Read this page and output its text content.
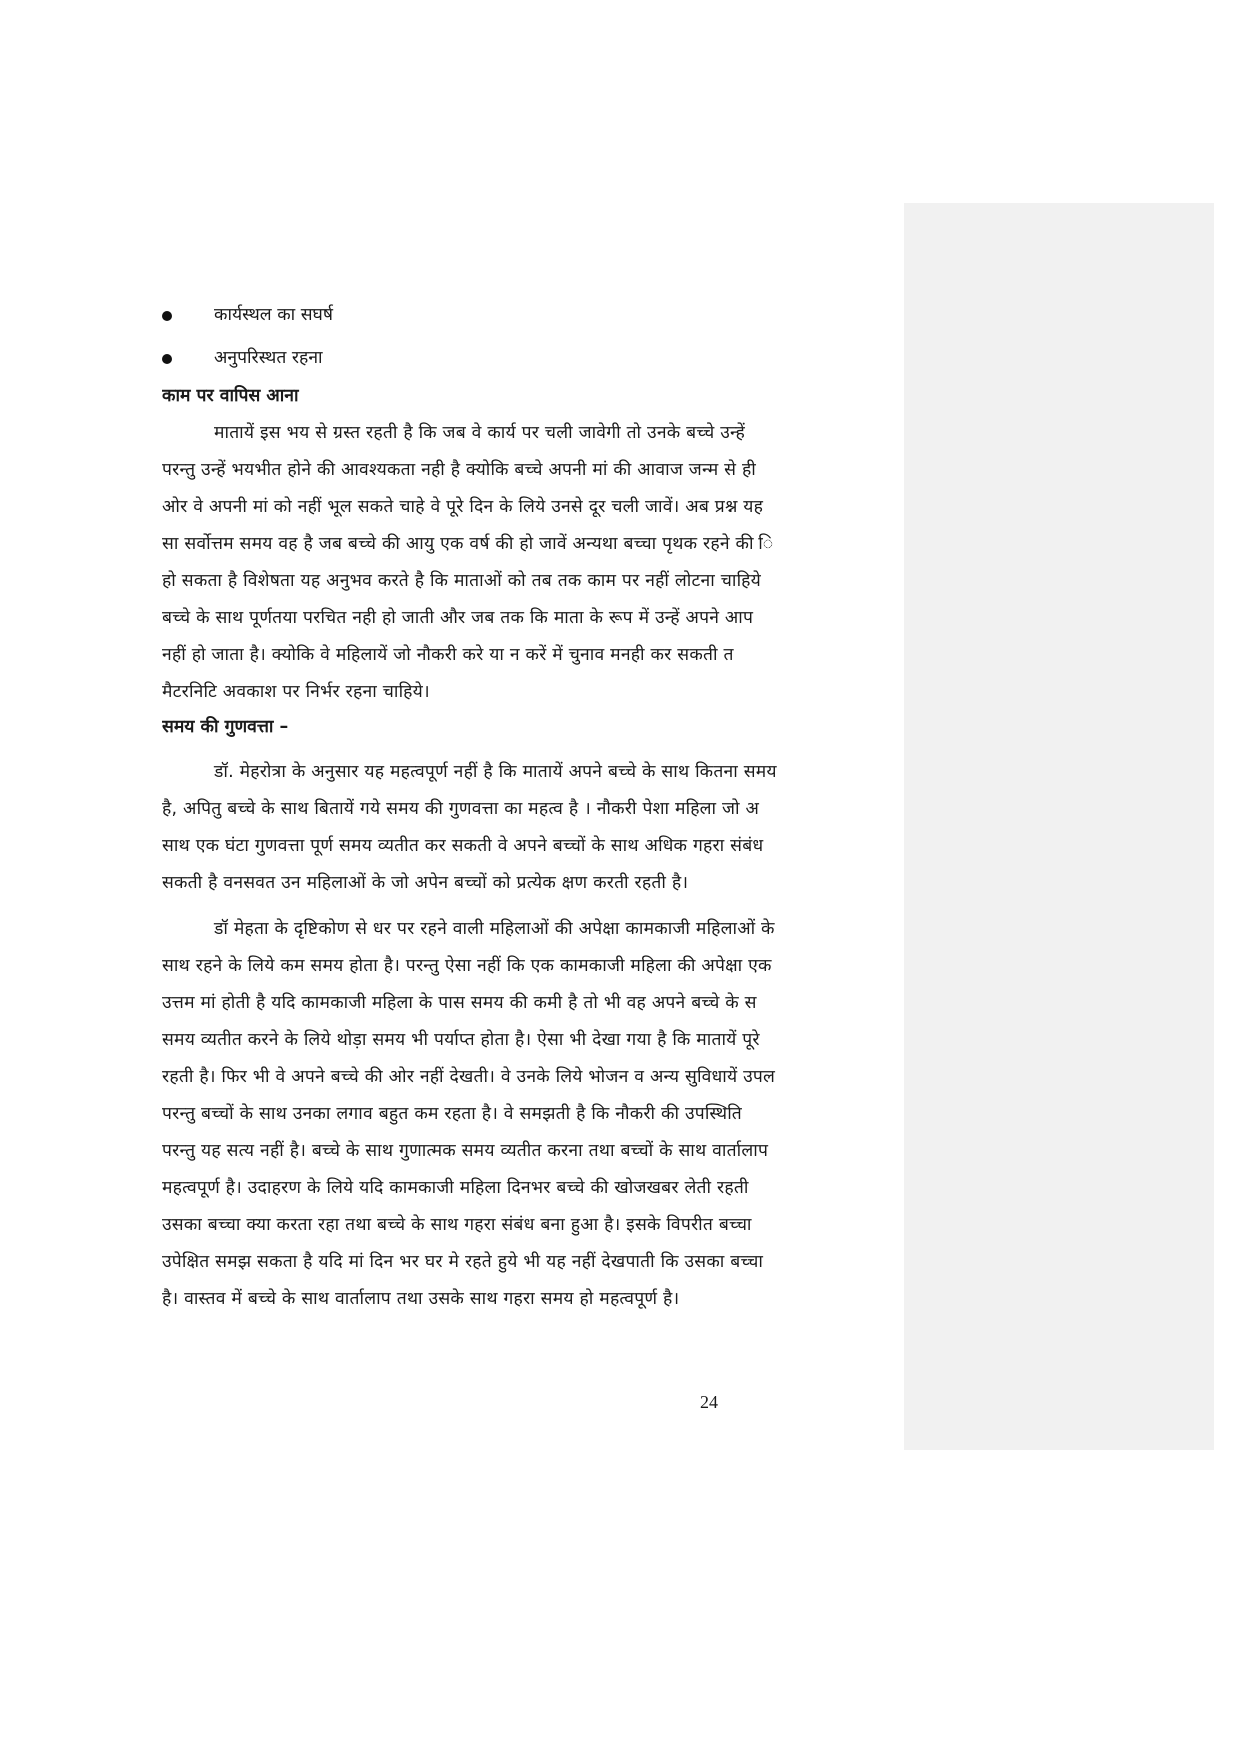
कार्यस्थल का सघर्ष
अनुपरिस्थत रहना
काम पर वापिस आना
मातायें इस भय से ग्रस्त रहती है कि जब वे कार्य पर चली जावेगी तो उनके बच्चे उन्हें
परन्तु उन्हें भयभीत होने की आवश्यकता नही है क्योकि बच्चे अपनी मां की आवाज जन्म से ही
ओर वे अपनी मां को नहीं भूल सकते चाहे वे पूरे दिन के लिये उनसे दूर चली जावें। अब प्रश्न यह
सा सर्वोत्तम समय वह है जब बच्चे की आयु एक वर्ष की हो जावें अन्यथा बच्चा पृथक रहने की ि
हो सकता है विशेषता यह अनुभव करते है कि माताओं को तब तक काम पर नहीं लोटना चाहिये
बच्चे के साथ पूर्णतया परचित नही हो जाती और जब तक कि माता के रूप में उन्हें अपने आप
नहीं हो जाता है। क्योकि वे महिलायें जो नौकरी करे या न करें में चुनाव मनही कर सकती त
मैटरनिटि अवकाश पर निर्भर रहना चाहिये।
समय की गुणवत्ता –
डॉ. मेहरोत्रा के अनुसार यह महत्वपूर्ण नहीं है कि मातायें अपने बच्चे के साथ कितना समय
है, अपितु बच्चे के साथ बितायें गये समय की गुणवत्ता का महत्व है । नौकरी पेशा महिला जो अ
साथ एक घंटा गुणवत्ता पूर्ण समय व्यतीत कर सकती वे अपने बच्चों के साथ अधिक गहरा संबंध
सकती है वनसवत उन महिलाओं के जो अपेन बच्चों को प्रत्येक क्षण करती रहती है।
डॉ मेहता के दृष्टिकोण से धर पर रहने वाली महिलाओं की अपेक्षा कामकाजी महिलाओं के
साथ रहने के लिये कम समय होता है। परन्तु ऐसा नहीं कि एक कामकाजी महिला की अपेक्षा एक
उत्तम मां होती है यदि कामकाजी महिला के पास समय की कमी है तो भी वह अपने बच्चे के स
समय व्यतीत करने के लिये थोड़ा समय भी पर्याप्त होता है। ऐसा भी देखा गया है कि मातायें पूरे
रहती है। फिर भी वे अपने बच्चे की ओर नहीं देखती। वे उनके लिये भोजन व अन्य सुविधायें उपल
परन्तु बच्चों के साथ उनका लगाव बहुत कम रहता है। वे समझती है कि नौकरी की उपस्थिति
परन्तु यह सत्य नहीं है। बच्चे के साथ गुणात्मक समय व्यतीत करना तथा बच्चों के साथ वार्तालाप
महत्वपूर्ण है। उदाहरण के लिये यदि कामकाजी महिला दिनभर बच्चे की खोजखबर लेती रहती
उसका बच्चा क्या करता रहा तथा बच्चे के साथ गहरा संबंध बना हुआ है। इसके विपरीत बच्चा
उपेक्षित समझ सकता है यदि मां दिन भर घर मे रहते हुये भी यह नहीं देखपाती कि उसका बच्चा
है। वास्तव में बच्चे के साथ वार्तालाप तथा उसके साथ गहरा समय हो महत्वपूर्ण है।
24
